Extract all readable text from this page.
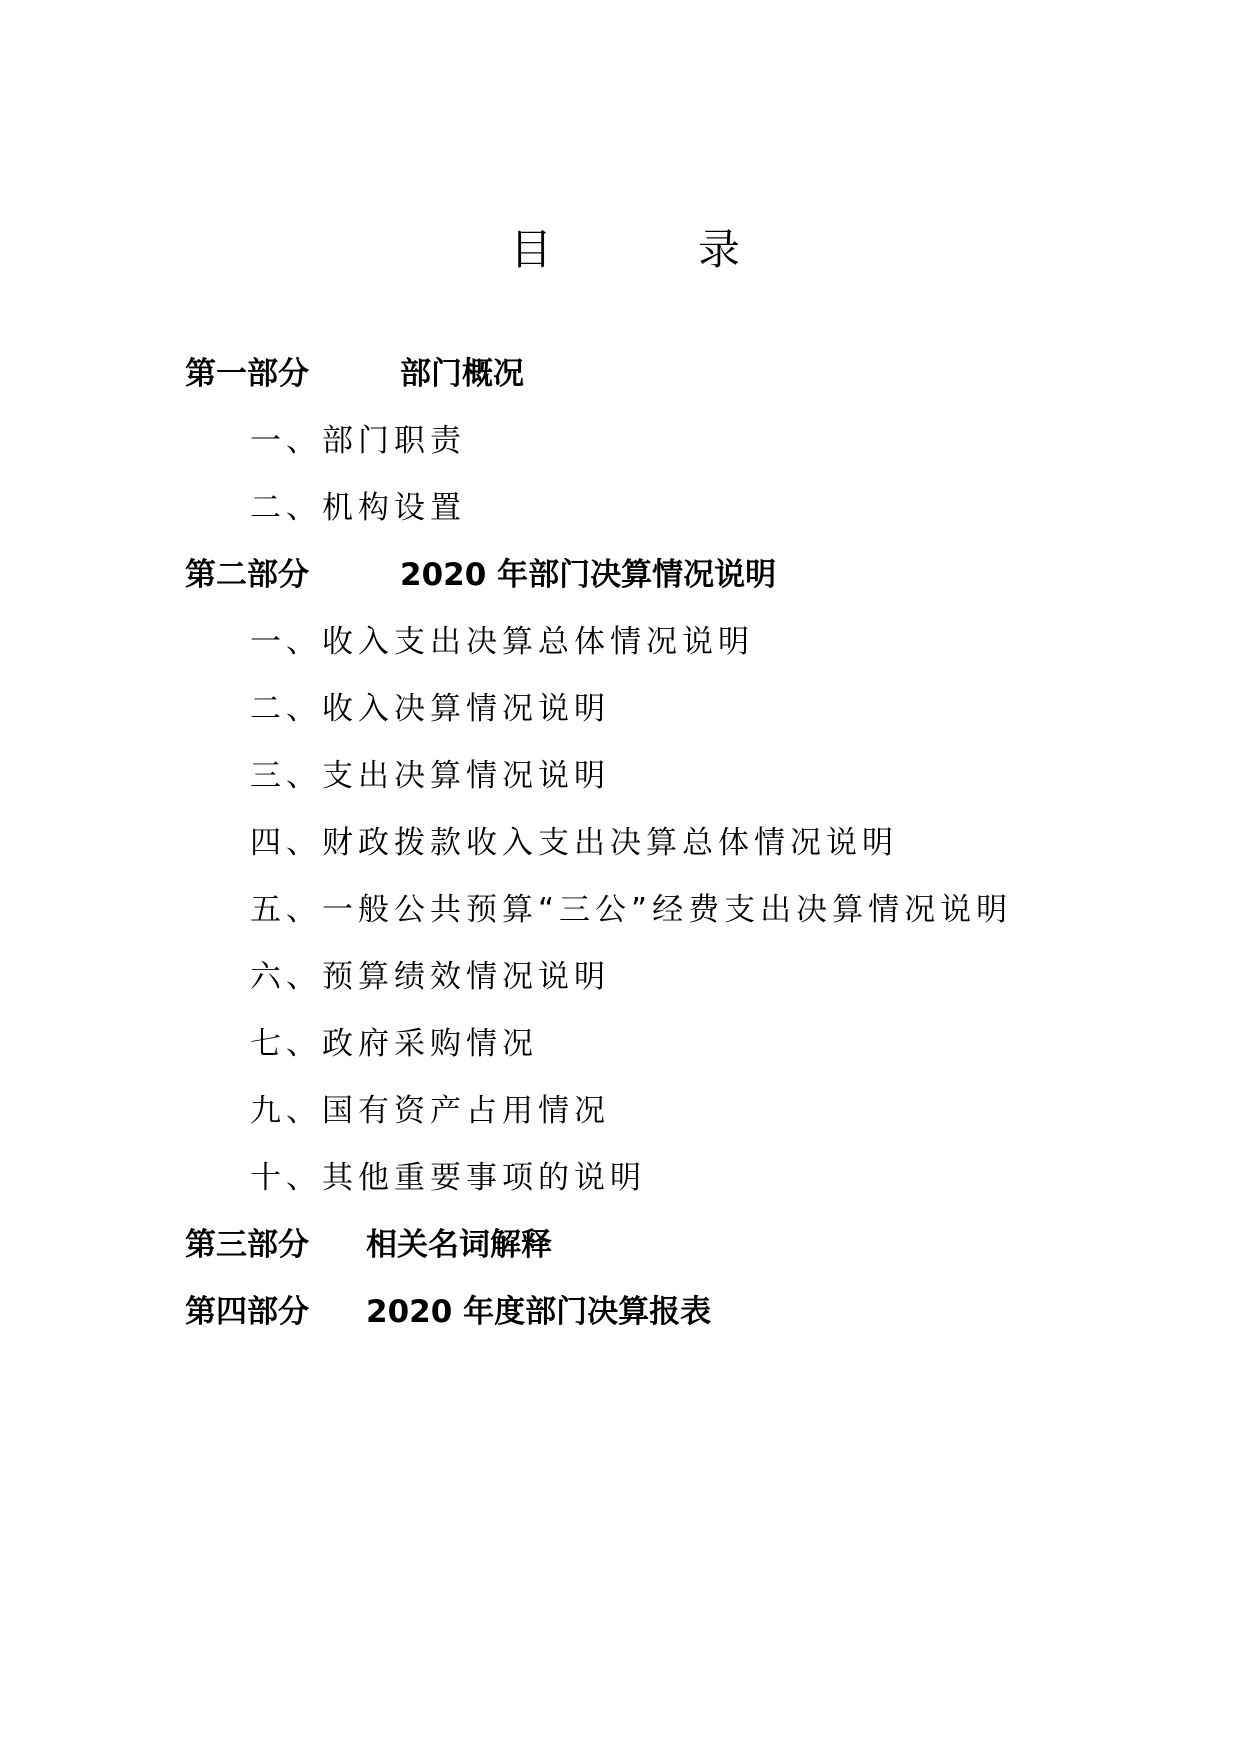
目	录
第一部分	部门概况
一、部门职责
二、机构设置
第二部分	2020 年部门决算情况说明
一、收入支出决算总体情况说明
二、收入决算情况说明
三、支出决算情况说明
四、财政拨款收入支出决算总体情况说明
五、一般公共预算“三公”经费支出决算情况说明
六、预算绩效情况说明
七、政府采购情况
九、国有资产占用情况
十、其他重要事项的说明
第三部分 相关名词解释
第四部分 2020 年度部门决算报表
